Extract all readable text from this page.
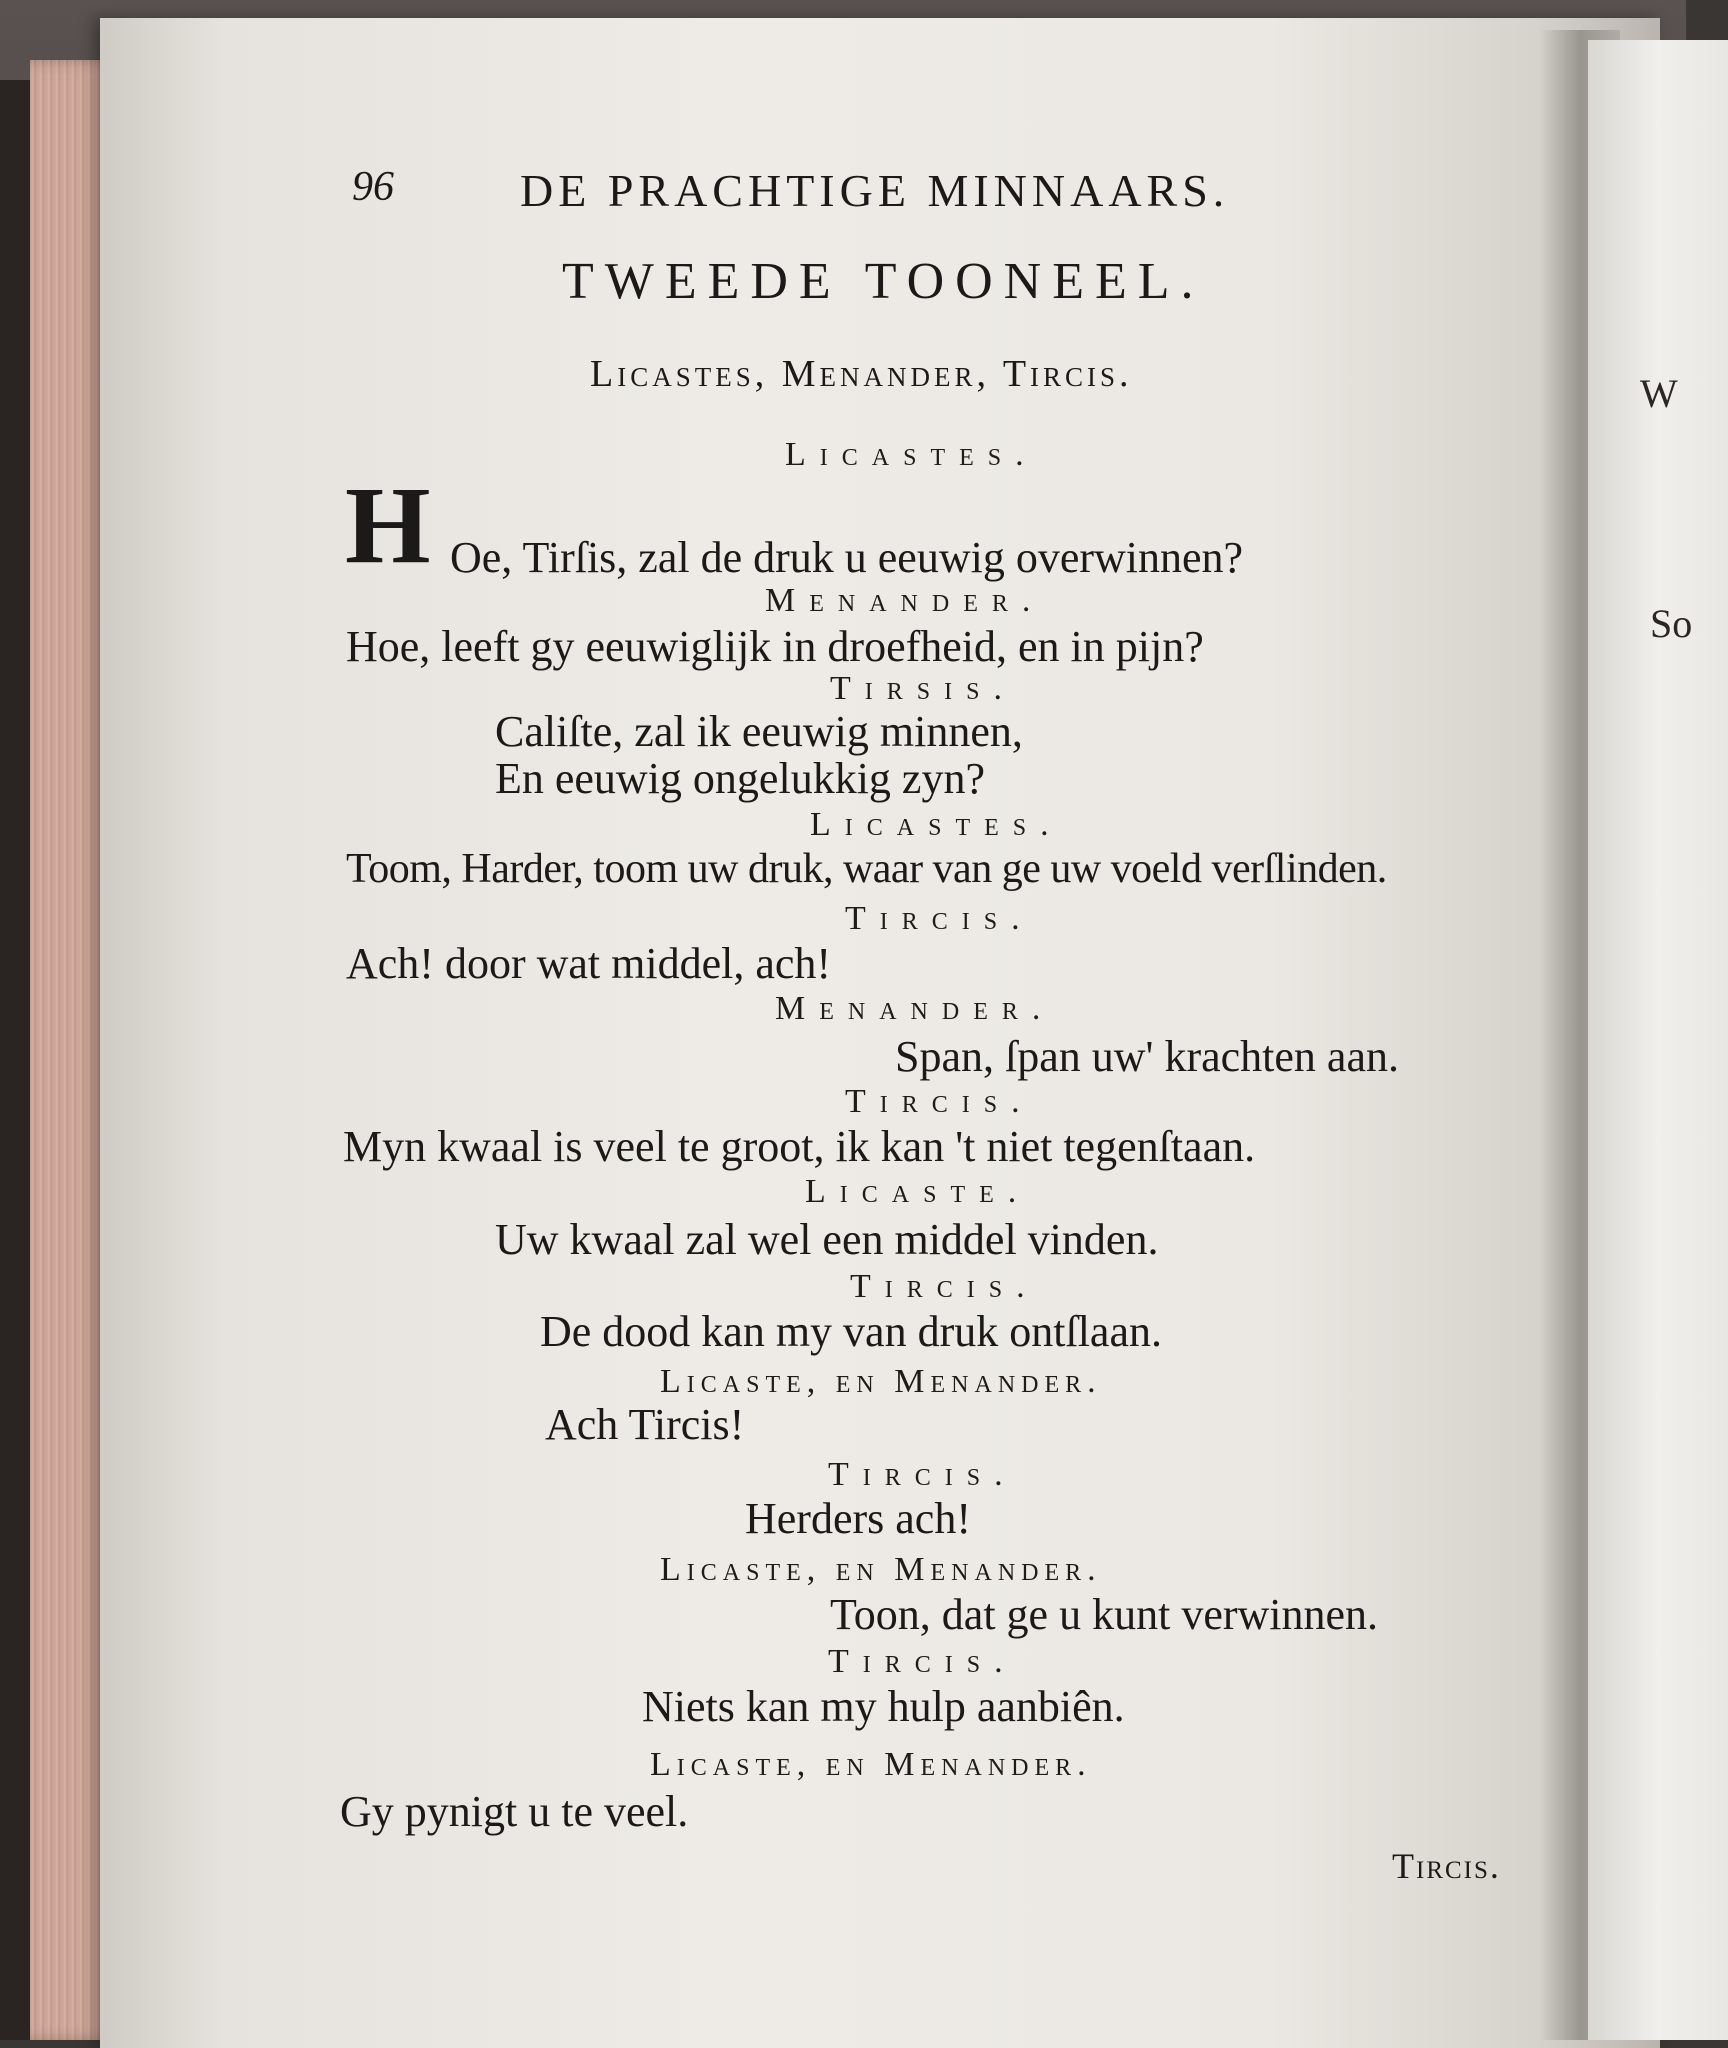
W
So
96	DE PRACHTIGE MINNAARS.
TWEEDE TOONEEL.
Licastes, Menander, Tircis.
Licastes.
H Oe, Tirſis, zal de druk u eeuwig overwinnen?
Menander.
Hoe, leeft gy eeuwiglijk in droefheid, en in pijn?
Tirsis.
Caliſte, zal ik eeuwig minnen,
En eeuwig ongelukkig zyn?
Licastes.
Toom, Harder, toom uw druk, waar van ge uw voeld verſlinden.
Tircis.
Ach! door wat middel, ach!
Menander.
Span, ſpan uw' krachten aan.
Tircis.
Myn kwaal is veel te groot, ik kan 't niet tegenſtaan.
Licaste.
Uw kwaal zal wel een middel vinden.
Tircis.
De dood kan my van druk ontſlaan.
Licaste, en Menander.
Ach Tircis!
Tircis.
Herders ach!
Licaste, en Menander.
Toon, dat ge u kunt verwinnen.
Tircis.
Niets kan my hulp aanbiên.
Licaste, en Menander.
Gy pynigt u te veel.
Tircis.
